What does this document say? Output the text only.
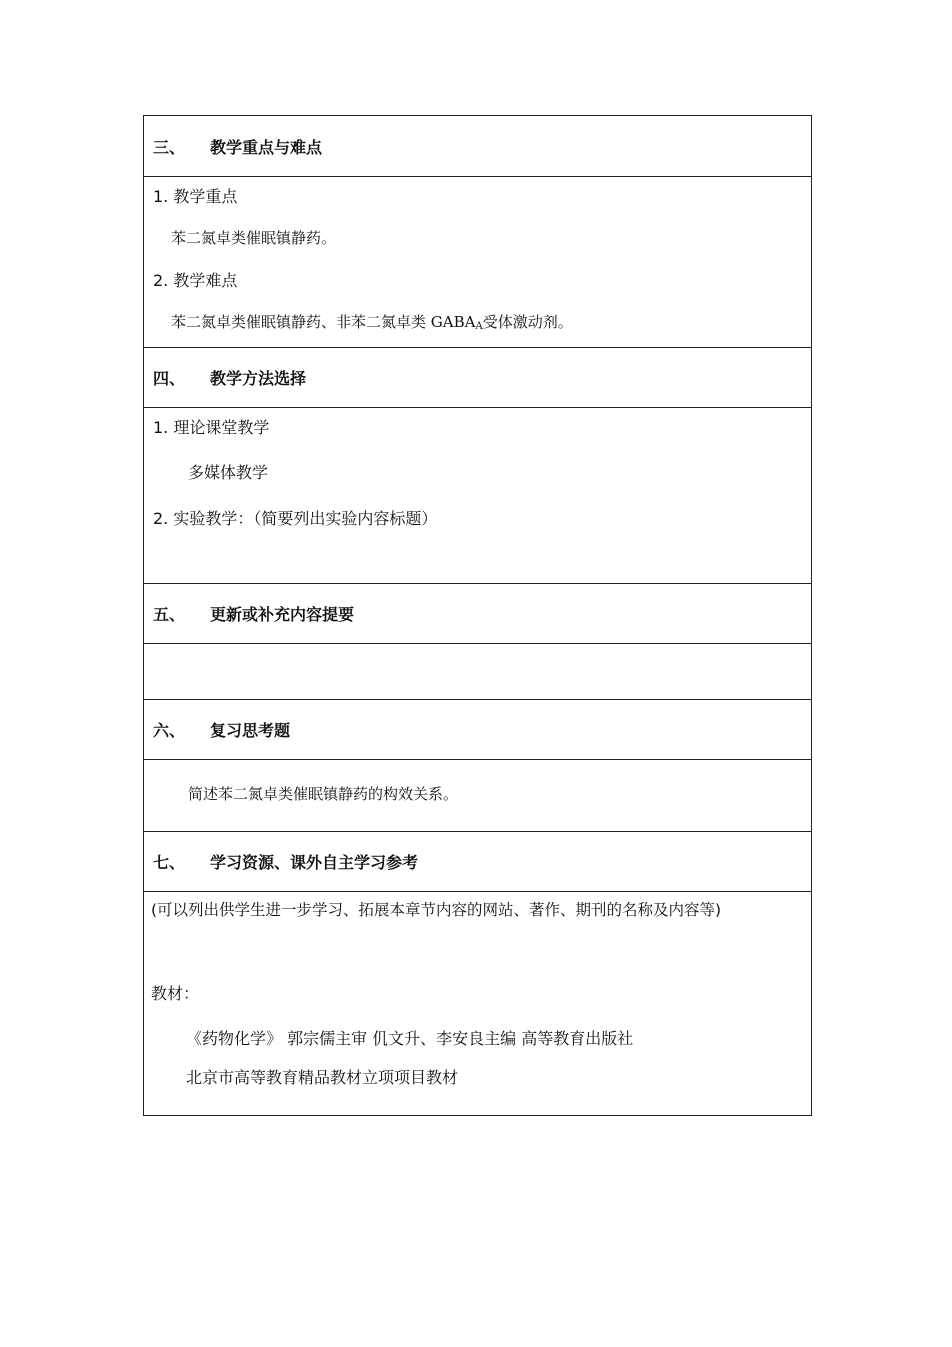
三、	教学重点与难点
1. 教学重点
苯二氮卓类催眠镇静药。
2. 教学难点
苯二氮卓类催眠镇静药、非苯二氮卓类 GABAA受体激动剂。
四、	教学方法选择
1. 理论课堂教学
多媒体教学
2. 实验教学：（简要列出实验内容标题）
五、	更新或补充内容提要
六、	复习思考题
简述苯二氮卓类催眠镇静药的构效关系。
七、	学习资源、课外自主学习参考
(可以列出供学生进一步学习、拓展本章节内容的网站、著作、期刊的名称及内容等)
教材：
《药物化学》 郭宗儒主审 仉文升、李安良主编 高等教育出版社
北京市高等教育精品教材立项项目教材
